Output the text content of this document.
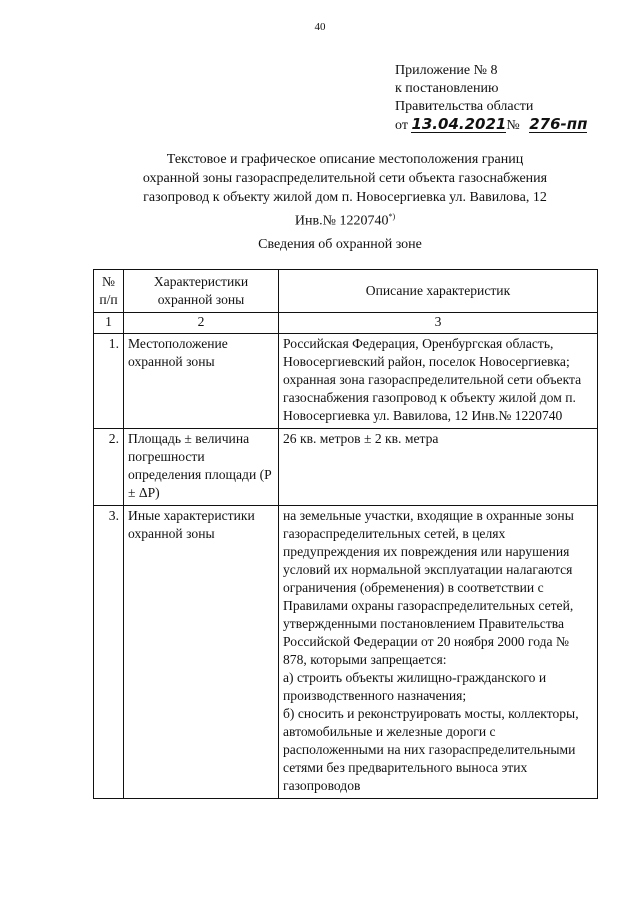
40
Приложение № 8
к постановлению
Правительства области
от 13.04.2021№ 276-пп
Текстовое и графическое описание местоположения границ
охранной зоны газораспределительной сети объекта газоснабжения
газопровод к объекту жилой дом п. Новосергиевка ул. Вавилова, 12
Инв.№ 1220740*)
Сведения об охранной зоне
№ п/п	Характеристики охранной зоны	Описание характеристик
1	2	3
1.	Местоположение охранной зоны	Российская Федерация, Оренбургская область, Новосергиевский район, поселок Новосергиевка; охранная зона газораспределительной сети объекта газоснабжения газопровод к объекту жилой дом п. Новосергиевка ул. Вавилова, 12 Инв.№ 1220740
2.	Площадь ± величина погрешности определения площади (P ± ΔP)	26 кв. метров ± 2 кв. метра
3.	Иные характеристики охранной зоны	на земельные участки, входящие в охранные зоны газораспределительных сетей, в целях предупреждения их повреждения или нарушения условий их нормальной эксплуатации налагаются ограничения (обременения) в соответствии с Правилами охраны газораспределительных сетей, утвержденными постановлением Правительства Российской Федерации от 20 ноября 2000 года № 878, которыми запрещается:
а) строить объекты жилищно-гражданского и производственного назначения;
б) сносить и реконструировать мосты, коллекторы, автомобильные и железные дороги с расположенными на них газораспределительными сетями без предварительного выноса этих газопроводов
